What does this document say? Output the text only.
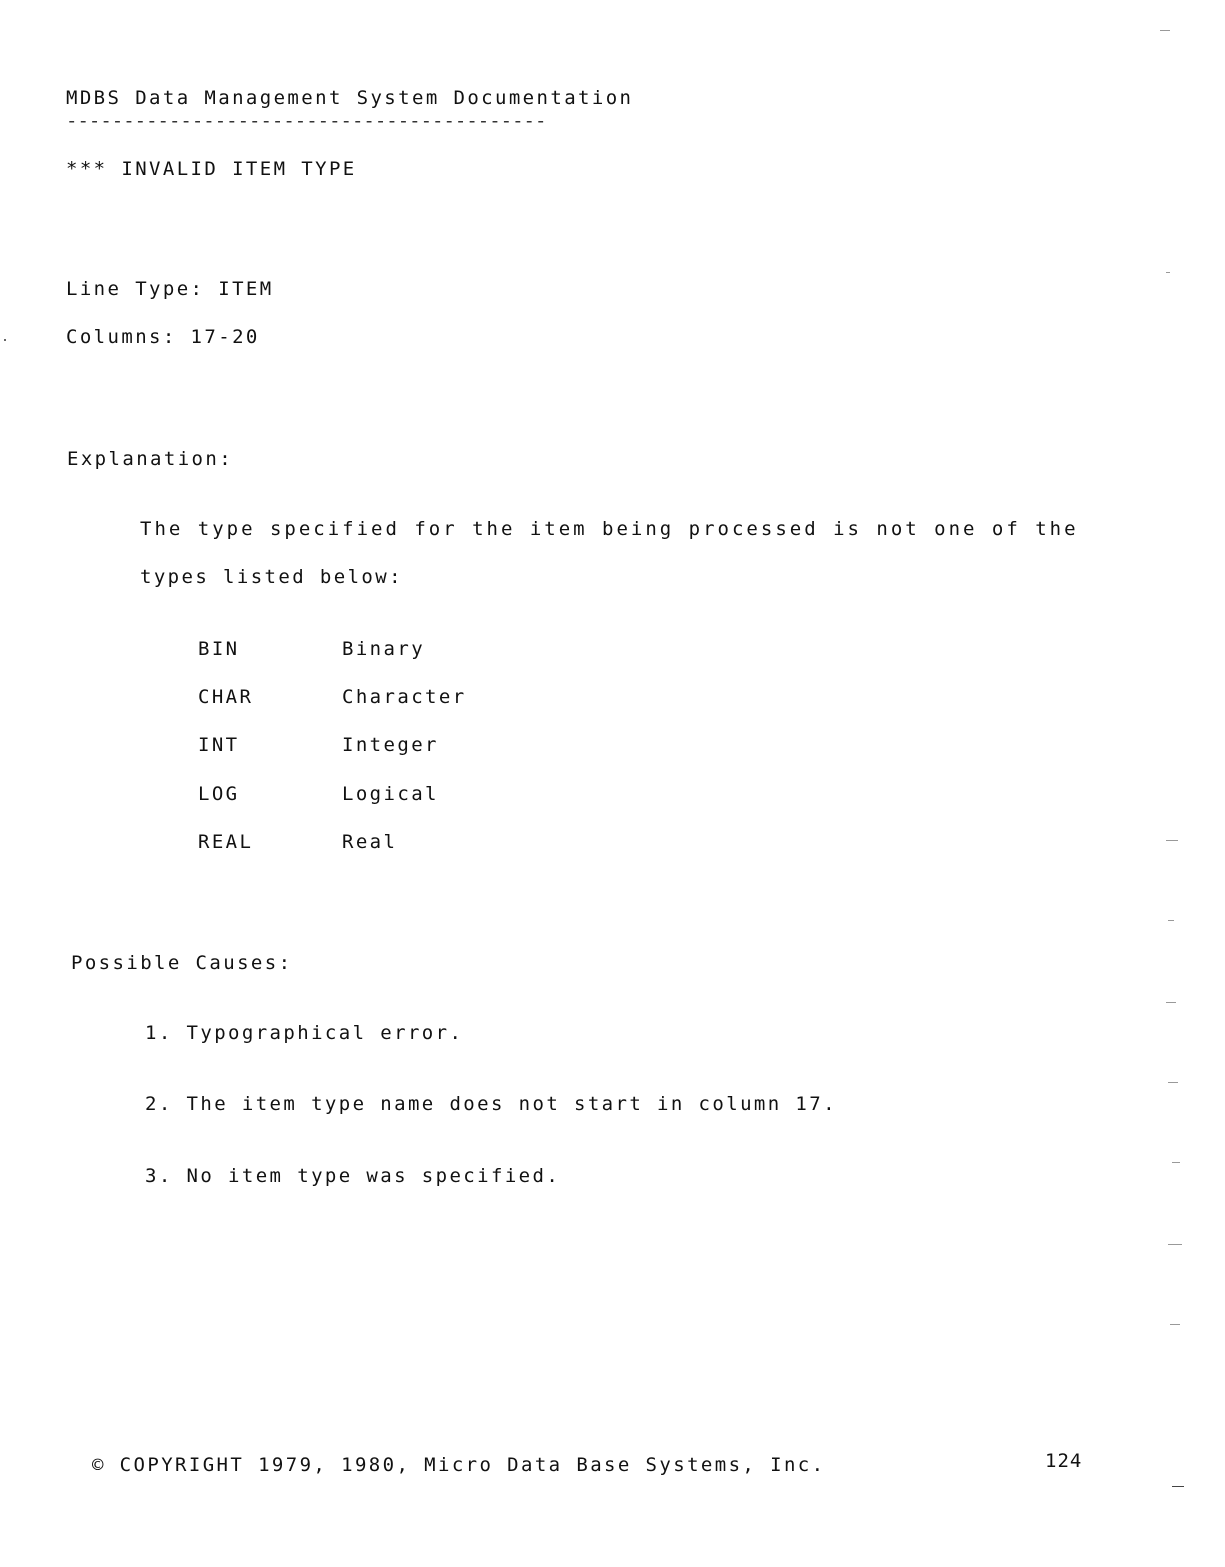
MDBS Data Management System Documentation
------------------------------------------
*** INVALID ITEM TYPE
Line Type: ITEM
Columns: 17-20
Explanation:
The type specified for the item being processed is not one of the
types listed below:
BIN	Binary
CHAR	Character
INT	Integer
LOG	Logical
REAL	Real
Possible Causes:
1. Typographical error.
2. The item type name does not start in column 17.
3. No item type was specified.
© COPYRIGHT 1979, 1980, Micro Data Base Systems, Inc.	124
